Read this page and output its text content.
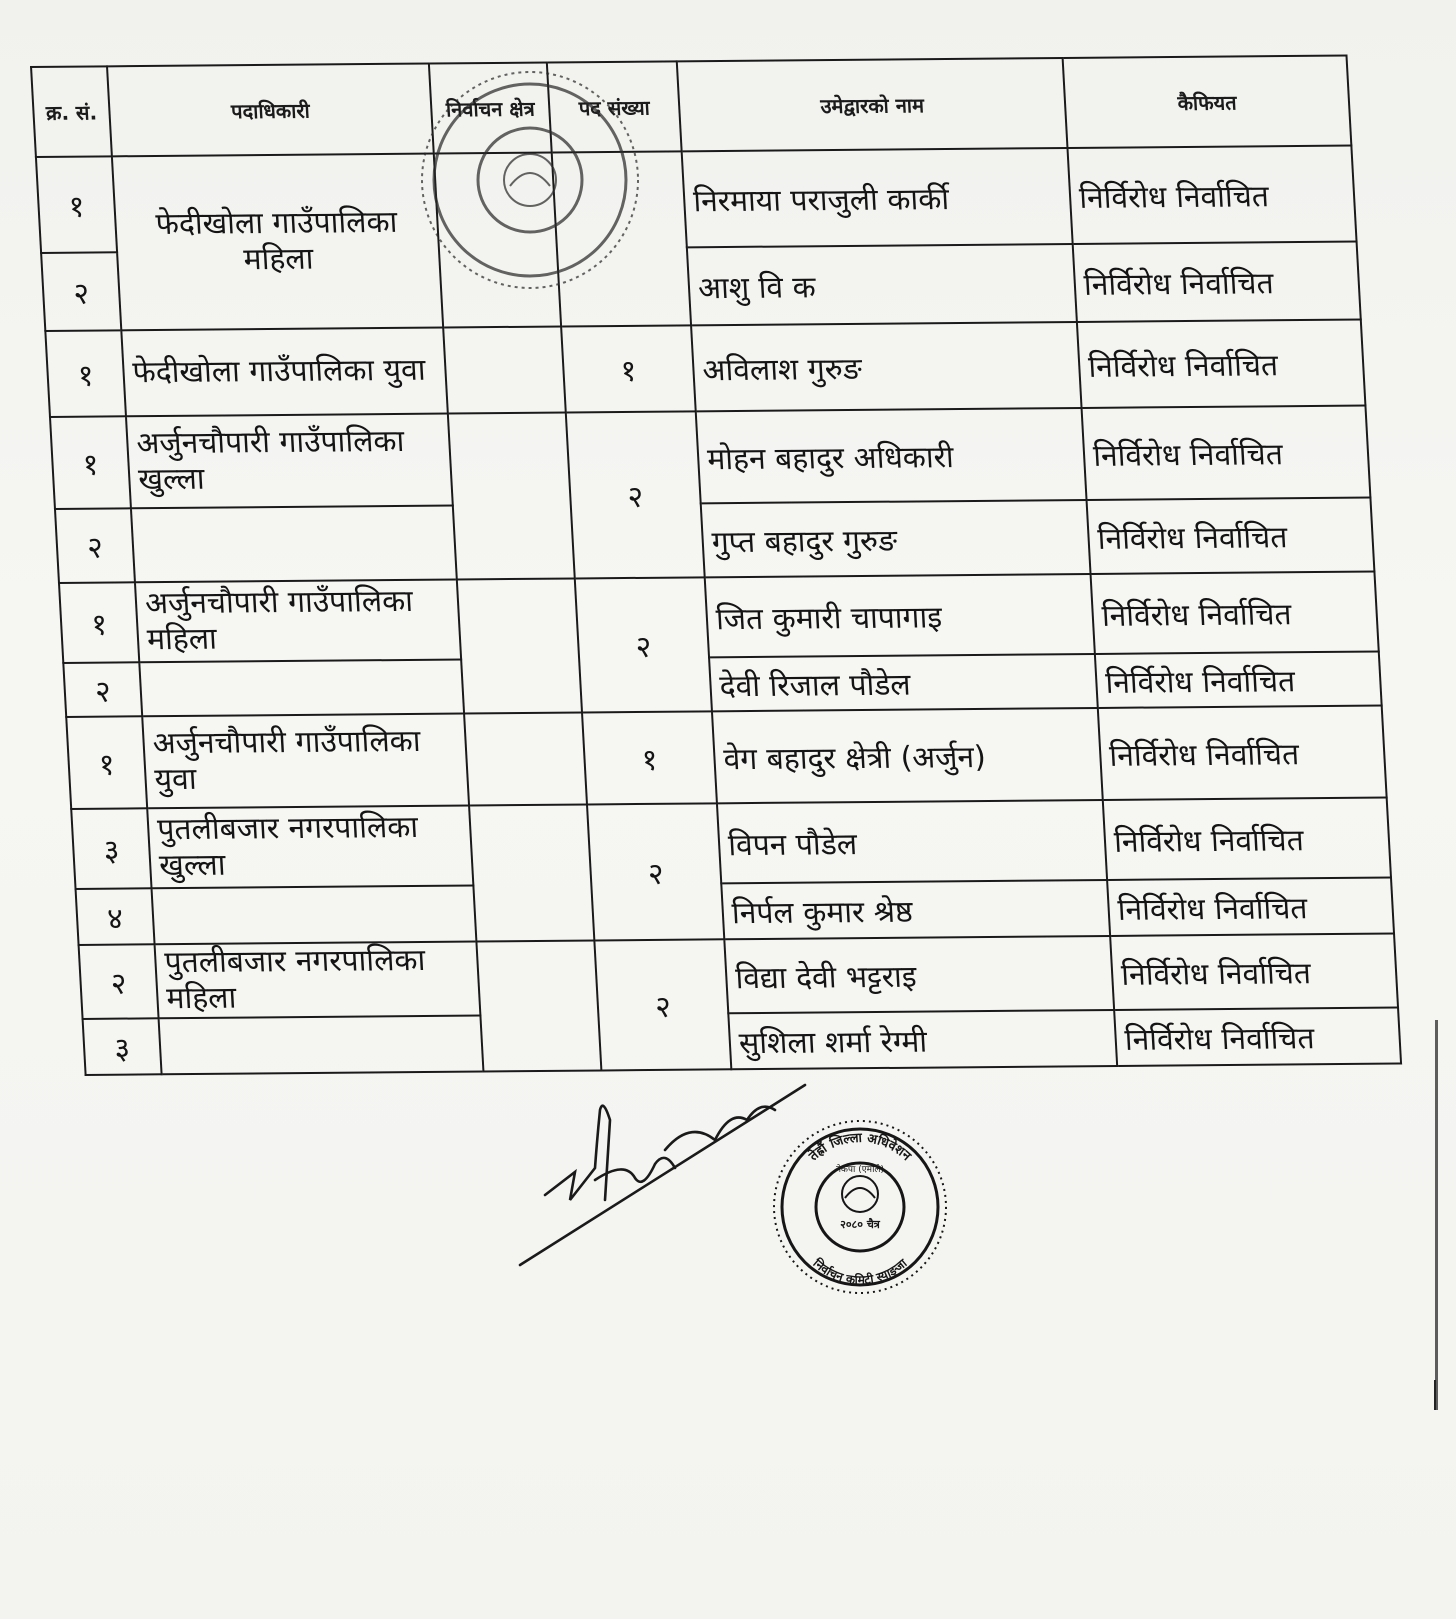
क्र. सं.	पदाधिकारी	निर्वाचन क्षेत्र	पद संख्या	उमेद्वारको नाम	कैफियत
१	फेदीखोला गाउँपालिका महिला			निरमाया पराजुली कार्की	निर्विरोध निर्वाचित
२				आशु वि क	निर्विरोध निर्वाचित
१	फेदीखोला गाउँपालिका युवा		१	अविलाश गुरुङ	निर्विरोध निर्वाचित
१	अर्जुनचौपारी गाउँपालिका खुल्ला		२	मोहन बहादुर अधिकारी	निर्विरोध निर्वाचित
२				गुप्त बहादुर गुरुङ	निर्विरोध निर्वाचित
१	अर्जुनचौपारी गाउँपालिका महिला		२	जित कुमारी चापागाइ	निर्विरोध निर्वाचित
२				देवी रिजाल पौडेल	निर्विरोध निर्वाचित
१	अर्जुनचौपारी गाउँपालिका युवा		१	वेग बहादुर क्षेत्री (अर्जुन)	निर्विरोध निर्वाचित
३	पुतलीबजार नगरपालिका खुल्ला		२	विपन पौडेल	निर्विरोध निर्वाचित
४				निर्पल कुमार श्रेष्ठ	निर्विरोध निर्वाचित
२	पुतलीबजार नगरपालिका महिला		२	विद्या देवी भट्टराइ	निर्विरोध निर्वाचित
३				सुशिला शर्मा रेग्मी	निर्विरोध निर्वाचित
तेह्रौं जिल्ला अधिवेशन
निर्वाचन कमिटी स्याङ्जा
२०८० चैत्र
नेकपा (एमाले)
